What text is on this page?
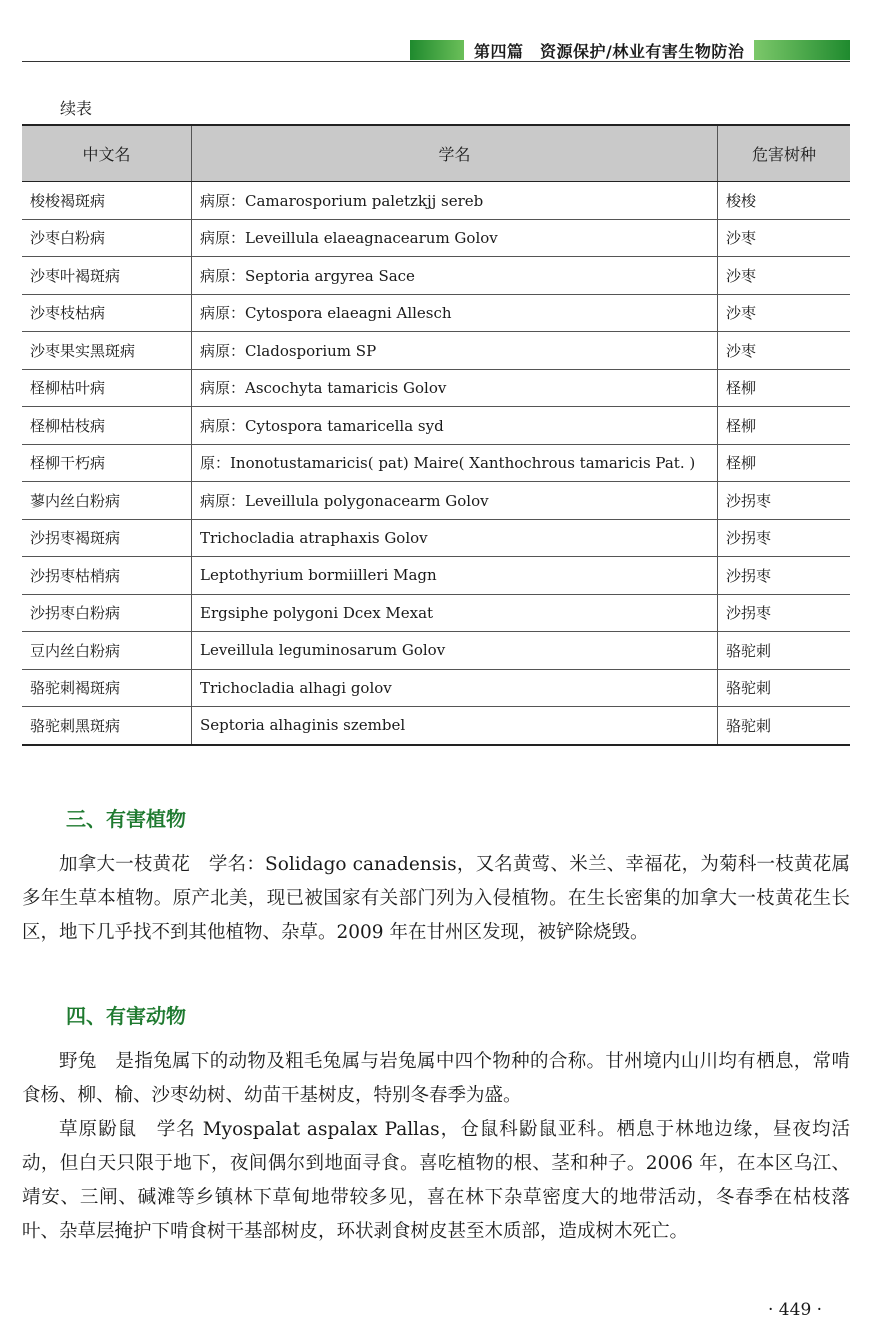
第四篇　资源保护/林业有害生物防治
续表
中文名	学名	危害树种
梭梭褐斑病	病原：Camarosporium paletzkjj sereb	梭梭
沙枣白粉病	病原：Leveillula elaeagnacearum Golov	沙枣
沙枣叶褐斑病	病原：Septoria argyrea Sace	沙枣
沙枣枝枯病	病原：Cytospora elaeagni Allesch	沙枣
沙枣果实黑斑病	病原：Cladosporium SP	沙枣
柽柳枯叶病	病原：Ascochyta tamaricis Golov	柽柳
柽柳枯枝病	病原：Cytospora tamaricella syd	柽柳
柽柳干朽病	原：Inonotustamaricis( pat) Maire( Xanthochrous tamaricis Pat. )	柽柳
蓼内丝白粉病	病原：Leveillula polygonacearm Golov	沙拐枣
沙拐枣褐斑病	Trichocladia atraphaxis Golov	沙拐枣
沙拐枣枯梢病	Leptothyrium bormiilleri Magn	沙拐枣
沙拐枣白粉病	Ergsiphe polygoni Dcex Mexat	沙拐枣
豆内丝白粉病	Leveillula leguminosarum Golov	骆驼刺
骆驼刺褐斑病	Trichocladia alhagi golov	骆驼刺
骆驼刺黑斑病	Septoria alhaginis szembel	骆驼刺
三、有害植物
加拿大一枝黄花　 学名：Solidago canadensis，又名黄莺、米兰、幸福花，为菊科一枝黄花属多年生草本植物。原产北美，现已被国家有关部门列为入侵植物。在生长密集的加拿大一枝黄花生长区，地下几乎找不到其他植物、杂草。2009 年在甘州区发现，被铲除烧毁。
四、有害动物
野兔　 是指兔属下的动物及粗毛兔属与岩兔属中四个物种的合称。甘州境内山川均有栖息，常啃食杨、柳、榆、沙枣幼树、幼苗干基树皮，特别冬春季为盛。
草原鼢鼠　 学名 Myospalat aspalax Pallas，仓鼠科鼢鼠亚科。栖息于林地边缘，昼夜均活动，但白天只限于地下，夜间偶尔到地面寻食。喜吃植物的根、茎和种子。2006 年，在本区乌江、靖安、三闸、碱滩等乡镇林下草甸地带较多见，喜在林下杂草密度大的地带活动，冬春季在枯枝落叶、杂草层掩护下啃食树干基部树皮，环状剥食树皮甚至木质部，造成树木死亡。
· 449 ·
